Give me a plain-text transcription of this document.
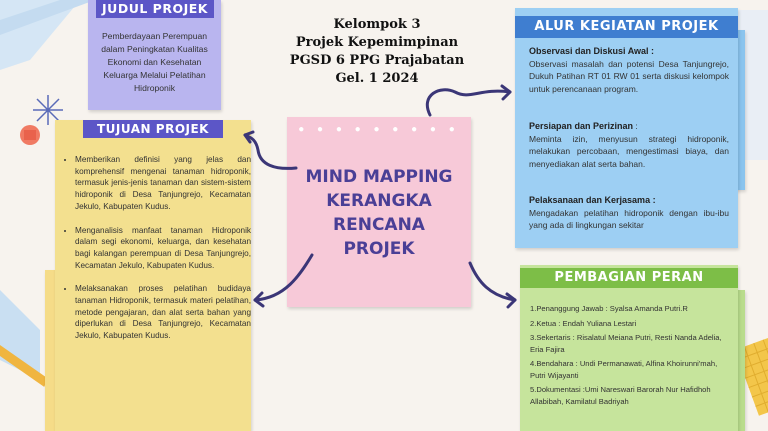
JUDUL PROJEK
Pemberdayaan Perempuan dalam Peningkatan Kualitas Ekonomi dan Kesehatan Keluarga Melalui Pelatihan Hidroponik
Kelompok 3
Projek Kepemimpinan
PGSD 6 PPG Prajabatan
Gel. 1 2024
TUJUAN PROJEK
• Memberikan definisi yang jelas dan komprehensif mengenai tanaman hidroponik, termasuk jenis-jenis tanaman dan sistem-sistem hidroponik di Desa Tanjungrejo, Kecamatan Jekulo, Kabupaten Kudus.
• Menganalisis manfaat tanaman Hidroponik dalam segi ekonomi, keluarga, dan kesehatan bagi kalangan perempuan di Desa Tanjungrejo, Kecamatan Jekulo, Kabupaten Kudus.
• Melaksanakan proses pelatihan budidaya tanaman Hidroponik, termasuk materi pelatihan, metode pengajaran, dan alat serta bahan yang diperlukan di Desa Tanjungrejo, Kecamatan Jekulo, Kabupaten Kudus.
● ● ● ● ● ● ● ● ●
MIND MAPPING
KERANGKA
RENCANA
PROJEK
ALUR KEGIATAN PROJEK
Observasi dan Diskusi Awal :
Observasi masalah dan potensi Desa Tanjungrejo, Dukuh Patihan RT 01 RW 01 serta diskusi kelompok untuk perencanaan program.
Persiapan dan Perizinan :
Meminta izin, menyusun strategi hidroponik, melakukan percobaan, mengestimasi biaya, dan menyediakan alat serta bahan.
Pelaksanaan dan Kerjasama :
Mengadakan pelatihan hidroponik dengan ibu-ibu yang ada di lingkungan sekitar
PEMBAGIAN PERAN
1.Penanggung Jawab : Syalsa Amanda Putri.R
2.Ketua : Endah Yuliana Lestari
3.Sekertaris : Risalatul Meiana Putri, Resti Nanda Adelia, Eria Fajira
4.Bendahara : Undi Permanawati, Alfina Khoirunni'mah, Putri Wijayanti
5.Dokumentasi :Umi Nareswari Barorah Nur Hafidhoh Allabibah, Kamilatul Badriyah
